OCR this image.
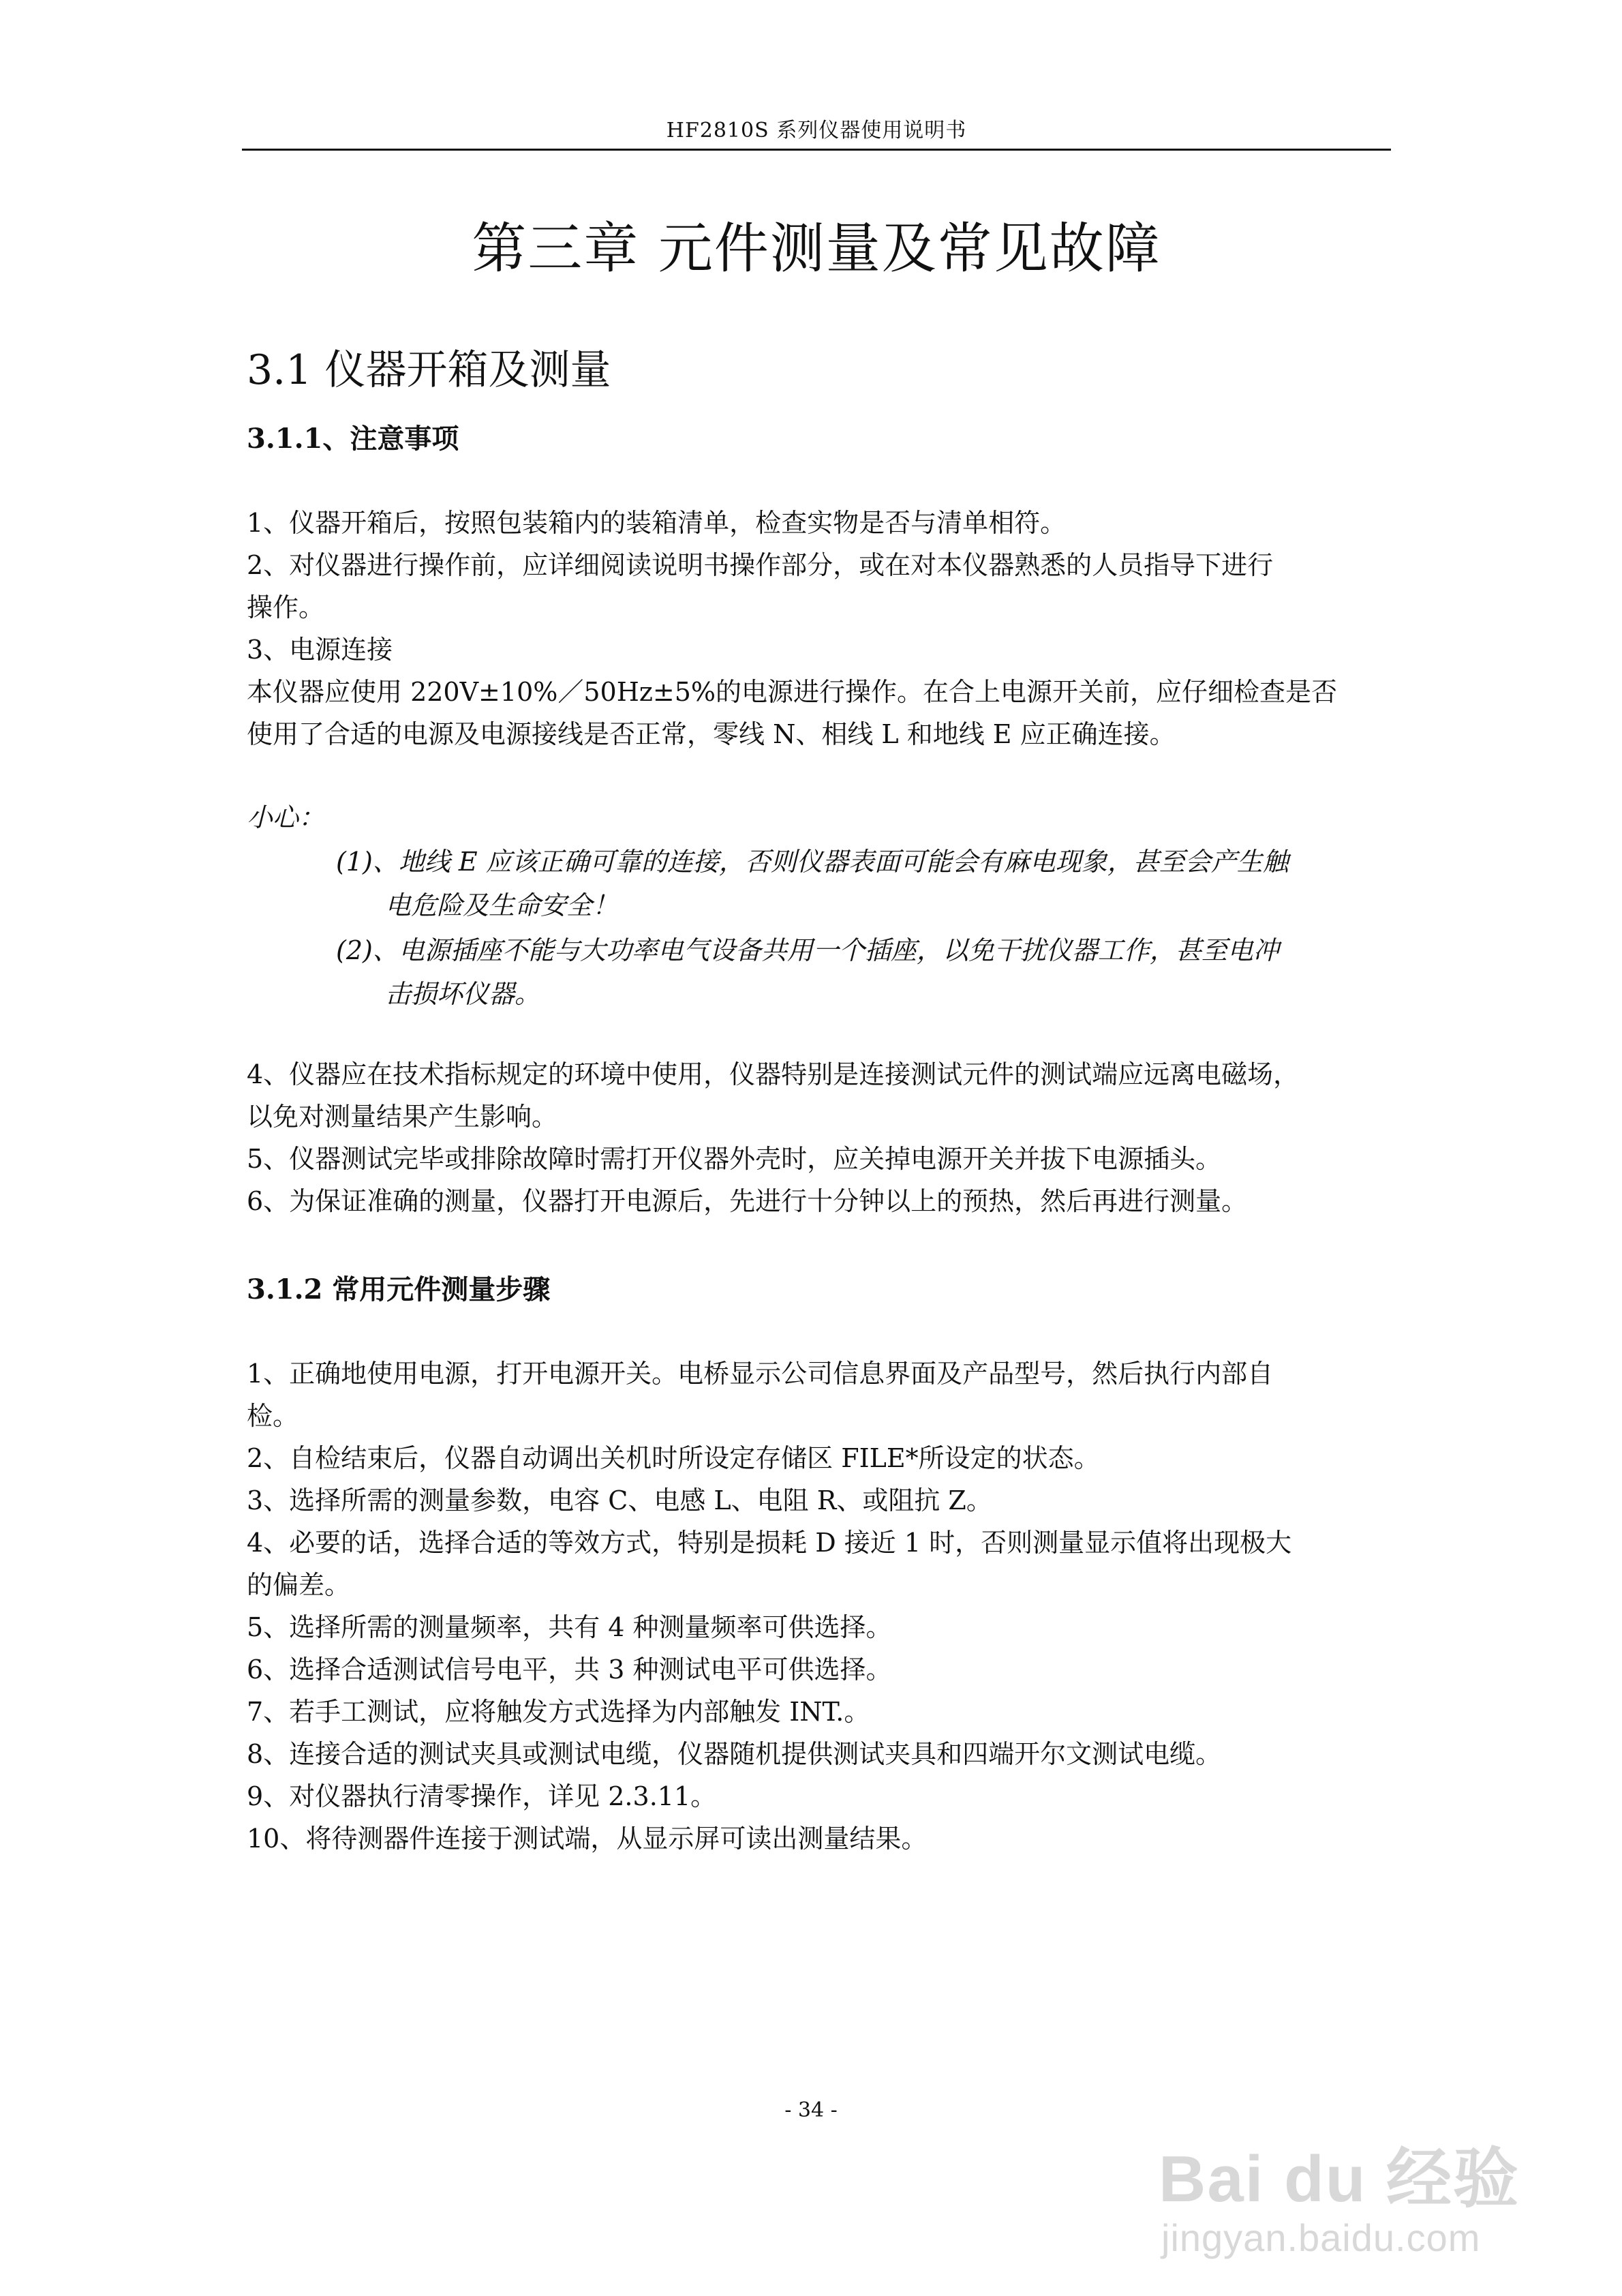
HF2810S 系列仪器使用说明书
第三章 元件测量及常见故障
3.1 仪器开箱及测量
3.1.1、注意事项
1、仪器开箱后，按照包装箱内的装箱清单，检查实物是否与清单相符。
2、对仪器进行操作前，应详细阅读说明书操作部分，或在对本仪器熟悉的人员指导下进行
操作。
3、电源连接
本仪器应使用 220V±10%／50Hz±5%的电源进行操作。在合上电源开关前，应仔细检查是否
使用了合适的电源及电源接线是否正常，零线 N、相线 L 和地线 E 应正确连接。
小心：
(1)、地线 E 应该正确可靠的连接，否则仪器表面可能会有麻电现象，甚至会产生触
电危险及生命安全！
(2)、电源插座不能与大功率电气设备共用一个插座，以免干扰仪器工作，甚至电冲
击损坏仪器。
4、仪器应在技术指标规定的环境中使用，仪器特别是连接测试元件的测试端应远离电磁场，
以免对测量结果产生影响。
5、仪器测试完毕或排除故障时需打开仪器外壳时，应关掉电源开关并拔下电源插头。
6、为保证准确的测量，仪器打开电源后，先进行十分钟以上的预热，然后再进行测量。
3.1.2 常用元件测量步骤
1、正确地使用电源，打开电源开关。电桥显示公司信息界面及产品型号，然后执行内部自
检。
2、自检结束后，仪器自动调出关机时所设定存储区 FILE*所设定的状态。
3、选择所需的测量参数，电容 C、电感 L、电阻 R、或阻抗 Z。
4、必要的话，选择合适的等效方式，特别是损耗 D 接近 1 时，否则测量显示值将出现极大
的偏差。
5、选择所需的测量频率，共有 4 种测量频率可供选择。
6、选择合适测试信号电平，共 3 种测试电平可供选择。
7、若手工测试，应将触发方式选择为内部触发 INT.。
8、连接合适的测试夹具或测试电缆，仪器随机提供测试夹具和四端开尔文测试电缆。
9、对仪器执行清零操作，详见 2.3.11。
10、将待测器件连接于测试端，从显示屏可读出测量结果。
- 34 -
Bai du 经验
jingyan.baidu.com
